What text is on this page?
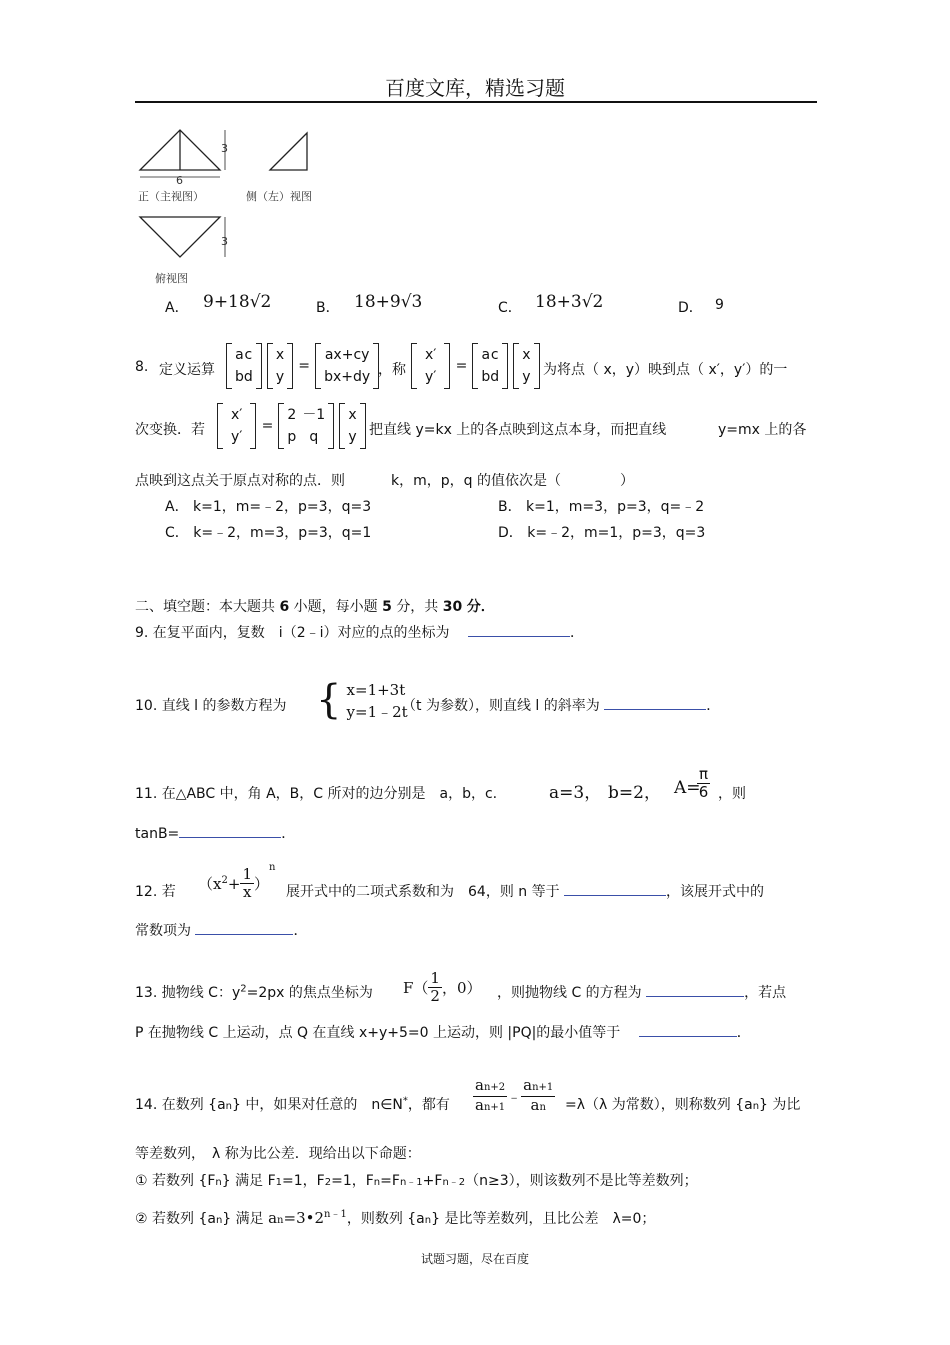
百度文库，精选习题
3
6
3
正（主视图）	侧（左）视图
俯视图
A． 9+18√2	B． 18+9√3	C． 18+3√2	D． 9
8. 定义运算
a c
b d

x
y
=
ax+cy
bx+dy ，称
x′
y′
=
a c
b d

x
y 为将点（ x，y）映到点（ x′，y′）的一
次变换．若
x′
y′
=
2 －1
p q

x
y 把直线 y=kx 上的各点映到这点本身，而把直线	y=mx 上的各
点映到这点关于原点对称的点．则	k，m，p，q 的值依次是（	）
A． k=1，m=﹣2，p=3，q=3	B． k=1，m=3，p=3，q=﹣2
C． k=﹣2，m=3，p=3，q=1	D． k=﹣2，m=1，p=3，q=3
二、填空题：本大题共 6 小题，每小题 5 分，共 30 分．
9. 在复平面内，复数　i（2﹣i）对应的点的坐标为　	．
10. 直线 l 的参数方程为 { x=1+3t
y=1﹣2t
（t 为参数），则直线 l 的斜率为	．
11. 在△ABC 中，角 A，B，C 所对的边分别是　a，b，c.	a=3， b=2， A=
$\frac{\pi}{6}$ ，则
tanB=	．
12. 若 $(x^2+ \frac{1}{x} )^n$
展开式中的二项式系数和为　64，则 n 等于	，该展开式中的
常数项为	．
13. 抛物线 C：$y^2=2px$ 的焦点坐标为 $F( \frac{1}{2}$ ，0） ，则抛物线 C 的方程为	，若点
P 在抛物线 C 上运动，点 Q 在直线 x+y+5=0 上运动，则 |PQ|的最小值等于 　	．
14. 在数列 {an} 中，如果对任意的　n∈N*，都有 $\frac{an+2}{an+1}$ ﹣ $\frac{an+1}{an} =\lambda(\lambda$ 为常数），则称数列 {an} 为比
等差数列，　λ 称为比公差．现给出以下命题：
① 若数列 {Fn} 满足 F1=1，F2=1，Fn=Fn﹣1+Fn﹣2（n≥3），则该数列不是比等差数列；
② 若数列 {an} 满足 $an=3•2^{n﹣1}$，则数列 {an} 是比等差数列，且比公差　λ=0；
试题习题，尽在百度
